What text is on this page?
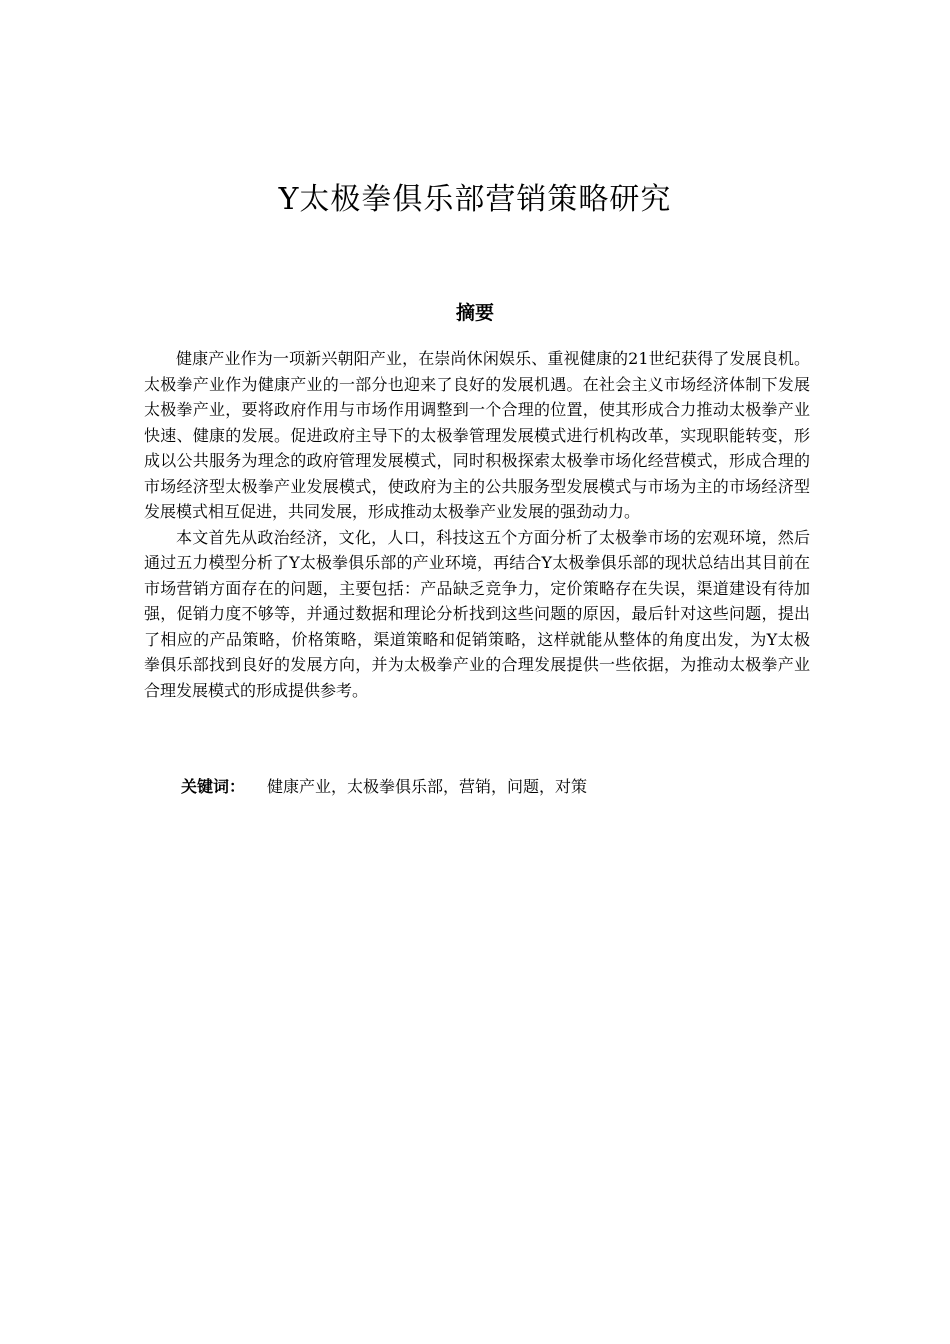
Y太极拳俱乐部营销策略研究
摘要

健康产业作为一项新兴朝阳产业，在崇尚休闲娱乐、重视健康的21世纪获得了发展良机。太极拳产业作为健康产业的一部分也迎来了良好的发展机遇。在社会主义市场经济体制下发展太极拳产业，要将政府作用与市场作用调整到一个合理的位置，使其形成合力推动太极拳产业快速、健康的发展。促进政府主导下的太极拳管理发展模式进行机构改革，实现职能转变，形成以公共服务为理念的政府管理发展模式，同时积极探索太极拳市场化经营模式，形成合理的市场经济型太极拳产业发展模式，使政府为主的公共服务型发展模式与市场为主的市场经济型发展模式相互促进，共同发展，形成推动太极拳产业发展的强劲动力。

本文首先从政治经济，文化，人口，科技这五个方面分析了太极拳市场的宏观环境，然后通过五力模型分析了Y太极拳俱乐部的产业环境，再结合Y太极拳俱乐部的现状总结出其目前在市场营销方面存在的问题，主要包括：产品缺乏竞争力，定价策略存在失误，渠道建设有待加强，促销力度不够等，并通过数据和理论分析找到这些问题的原因，最后针对这些问题，提出了相应的产品策略，价格策略，渠道策略和促销策略，这样就能从整体的角度出发，为Y太极拳俱乐部找到良好的发展方向，并为太极拳产业的合理发展提供一些依据，为推动太极拳产业合理发展模式的形成提供参考。

关键词： 健康产业，太极拳俱乐部，营销，问题，对策
